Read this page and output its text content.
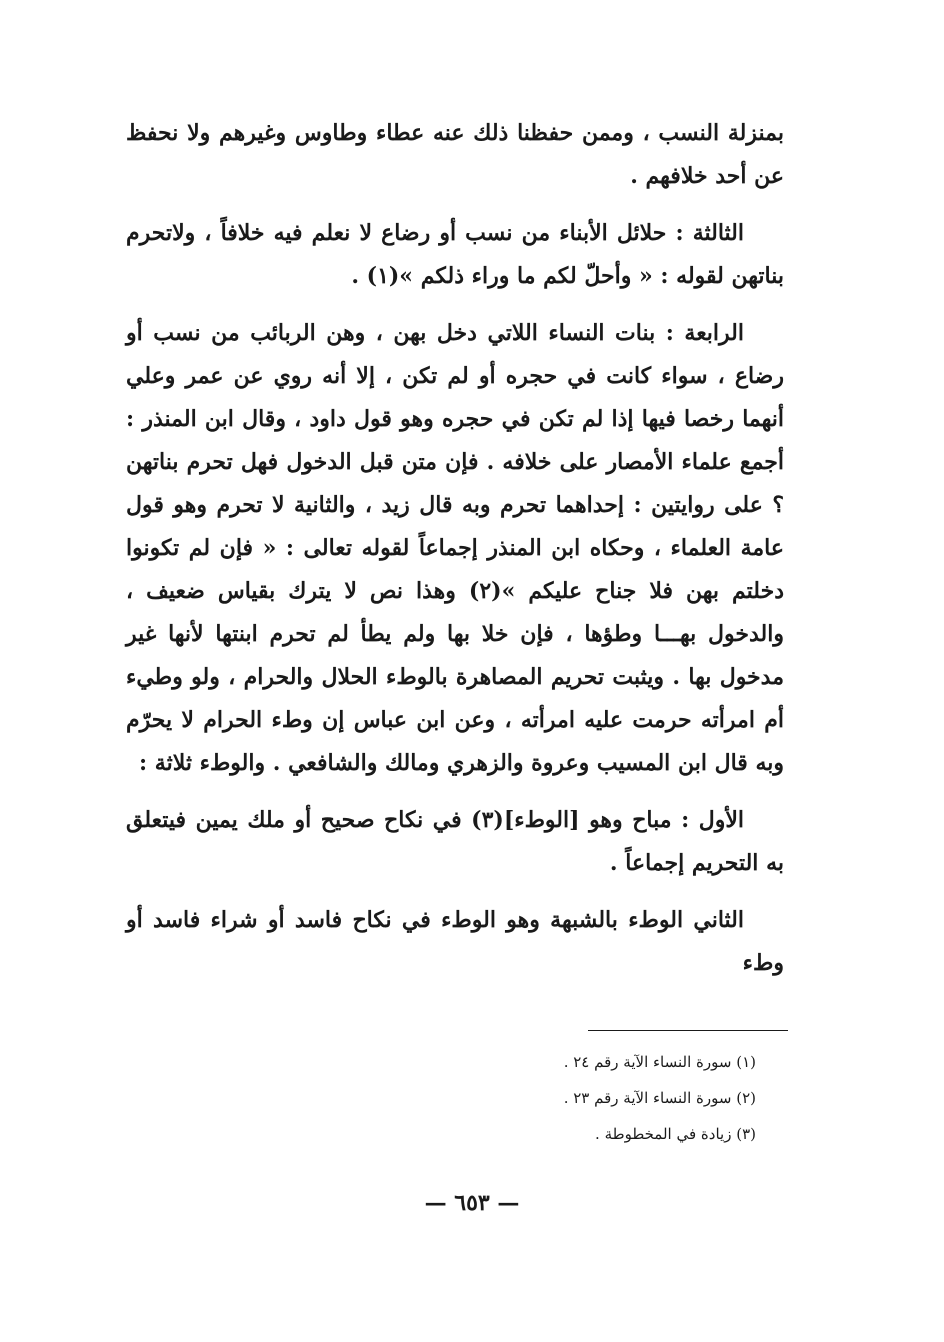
بمنزلة النسب ، وممن حفظنا ذلك عنه عطاء وطاوس وغيرهم ولا نحفظ عن أحد خلافهم .

الثالثة : حلائل الأبناء من نسب أو رضاع لا نعلم فيه خلافاً ، ولاتحرم بناتهن لقوله : « وأحلّ لكم ما وراء ذلكم »(١) .

الرابعة : بنات النساء اللاتي دخل بهن ، وهن الربائب من نسب أو رضاع ، سواء كانت في حجره أو لم تكن ، إلا أنه روي عن عمر وعلي أنهما رخصا فيها إذا لم تكن في حجره وهو قول داود ، وقال ابن المنذر : أجمع علماء الأمصار على خلافه . فإن متن قبل الدخول فهل تحرم بناتهن ؟ على روايتين : إحداهما تحرم وبه قال زيد ، والثانية لا تحرم وهو قول عامة العلماء ، وحكاه ابن المنذر إجماعاً لقوله تعالى : « فإن لم تكونوا دخلتم بهن فلا جناح عليكم »(٢) وهذا نص لا يترك بقياس ضعيف ، والدخول بهـــا وطؤها ، فإن خلا بها ولم يطأ لم تحرم ابنتها لأنها غير مدخول بها . ويثبت تحريم المصاهرة بالوطء الحلال والحرام ، ولو وطيء أم امرأته حرمت عليه امرأته ، وعن ابن عباس إن وطء الحرام لا يحرّم وبه قال ابن المسيب وعروة والزهري ومالك والشافعي . والوطء ثلاثة :

الأول : مباح وهو [الوطء](٣) في نكاح صحيح أو ملك يمين فيتعلق به التحريم إجماعاً .

الثاني الوطء بالشبهة وهو الوطء في نكاح فاسد أو شراء فاسد أو وطء

(١) سورة النساء الآية رقم ٢٤ .
(٢) سورة النساء الآية رقم ٢٣ .
(٣) زيادة في المخطوطة .
— ٦٥٣ —
